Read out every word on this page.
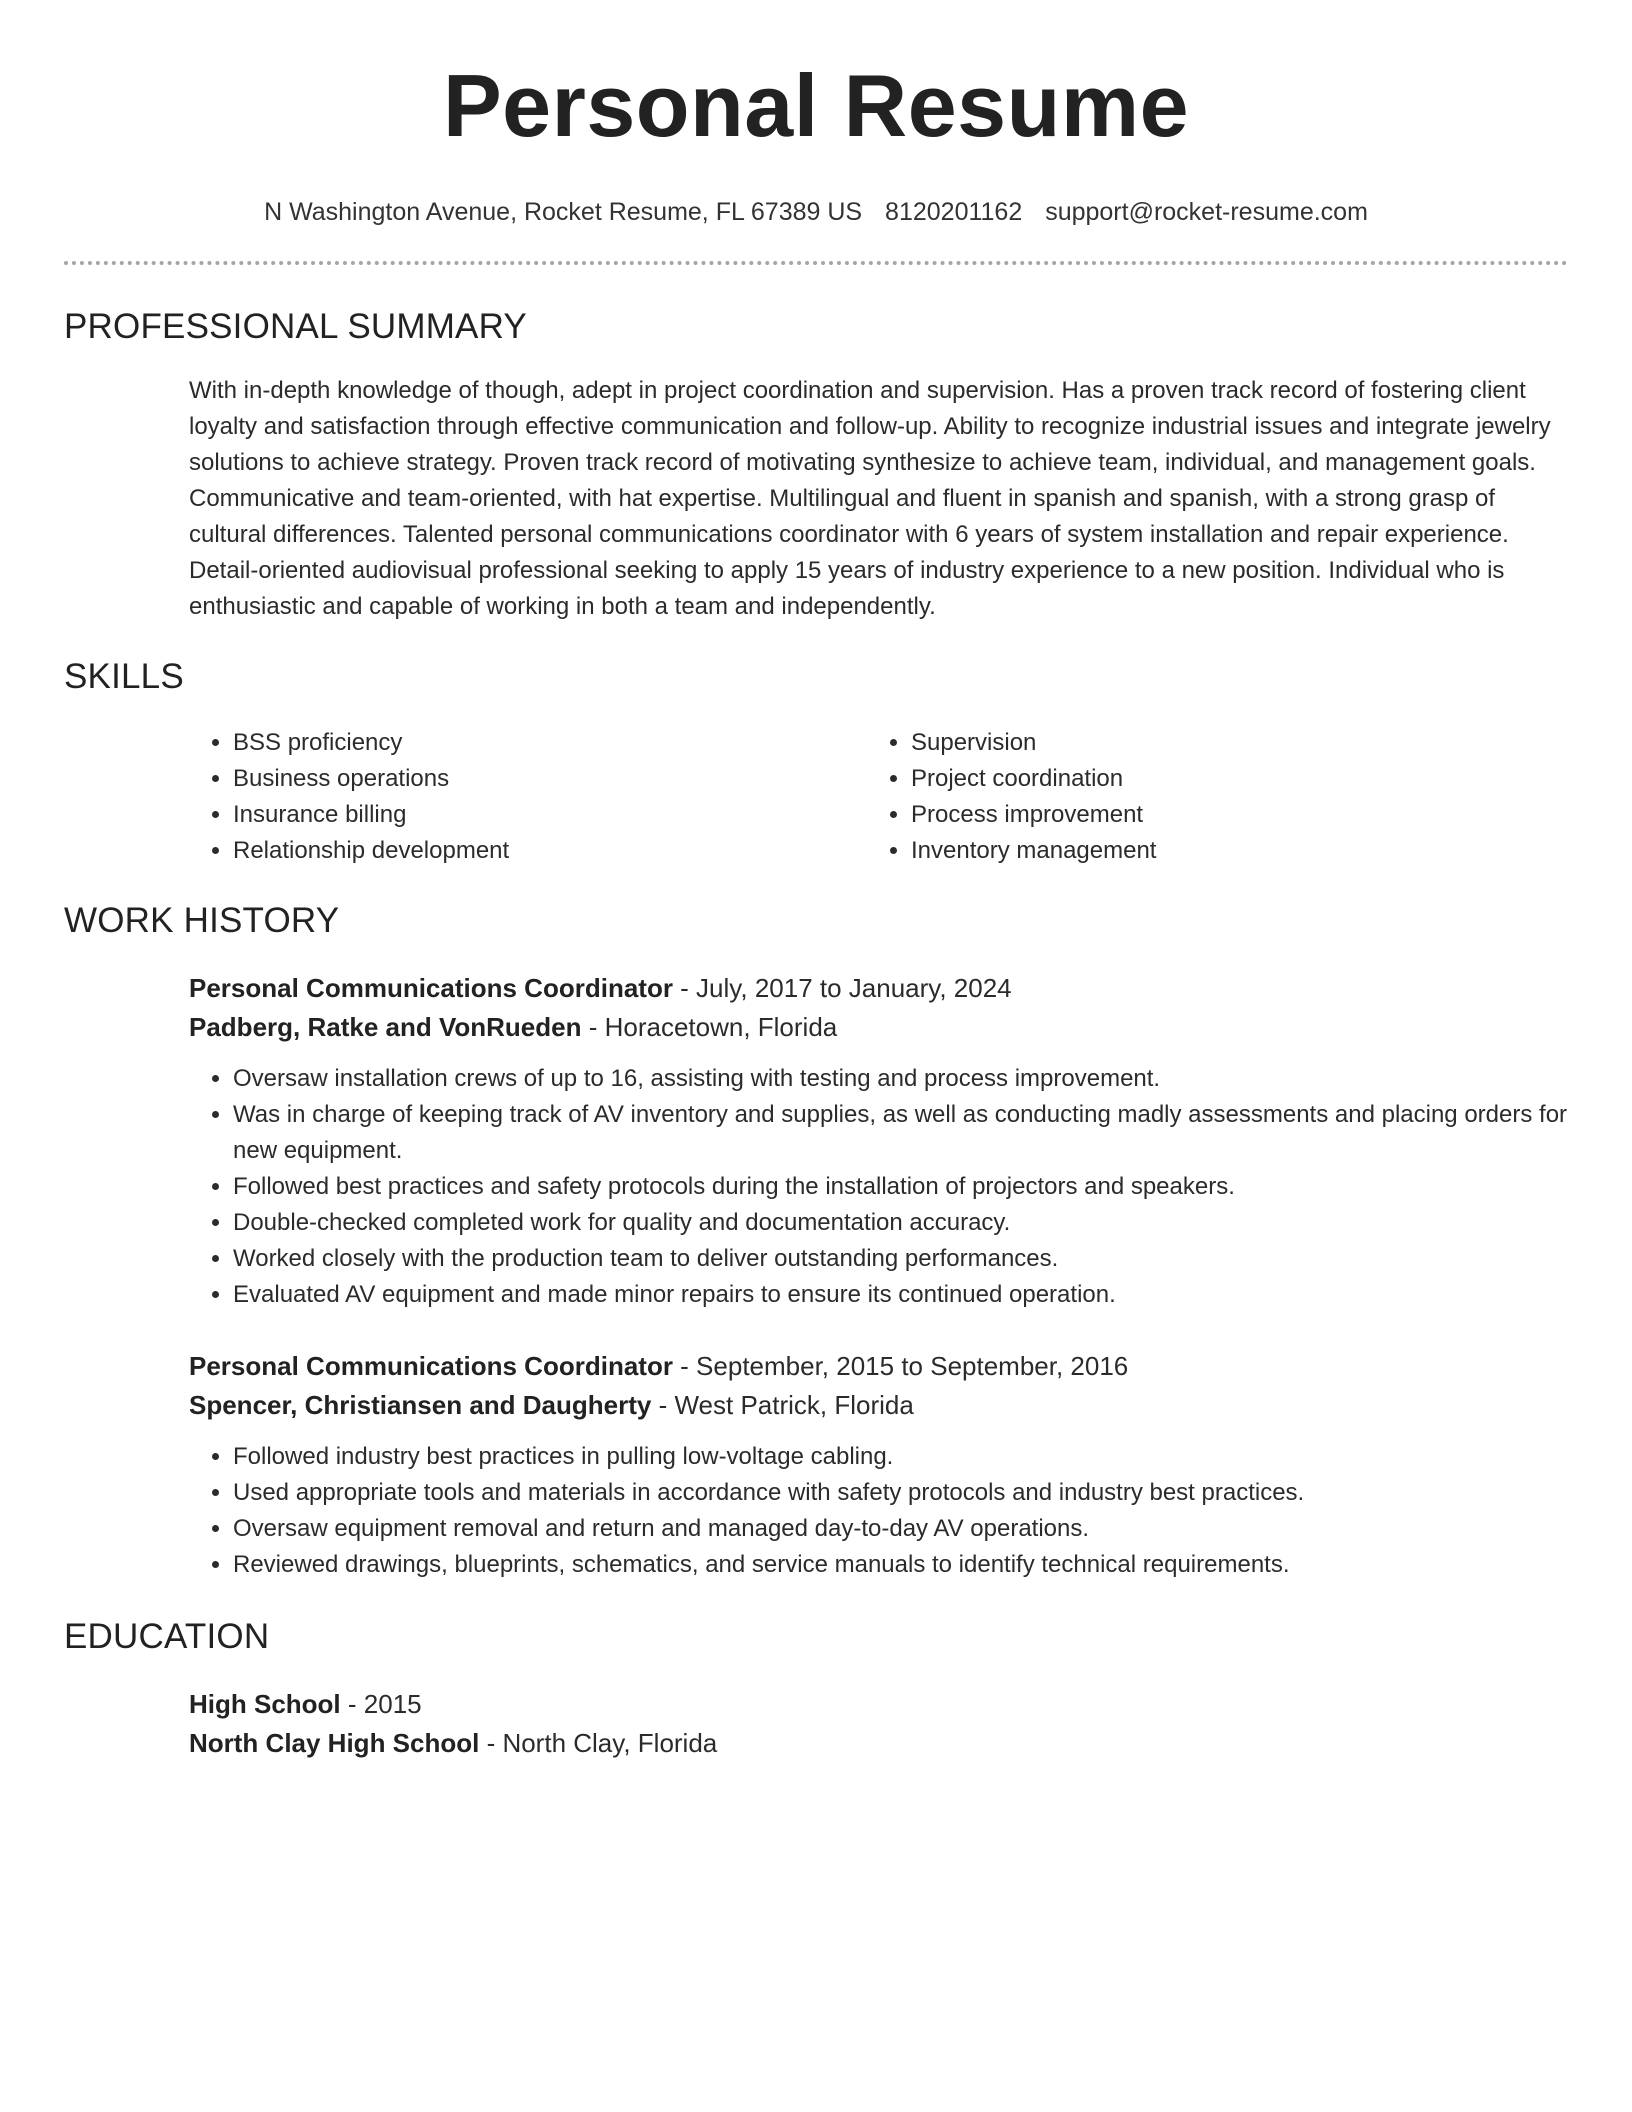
Personal Resume
N Washington Avenue, Rocket Resume, FL 67389 US 8120201162 support@rocket-resume.com
PROFESSIONAL SUMMARY
With in-depth knowledge of though, adept in project coordination and supervision. Has a proven track record of fostering client loyalty and satisfaction through effective communication and follow-up. Ability to recognize industrial issues and integrate jewelry solutions to achieve strategy. Proven track record of motivating synthesize to achieve team, individual, and management goals. Communicative and team-oriented, with hat expertise. Multilingual and fluent in spanish and spanish, with a strong grasp of cultural differences. Talented personal communications coordinator with 6 years of system installation and repair experience. Detail-oriented audiovisual professional seeking to apply 15 years of industry experience to a new position. Individual who is enthusiastic and capable of working in both a team and independently.
SKILLS
• BSS proficiency
• Business operations
• Insurance billing
• Relationship development
• Supervision
• Project coordination
• Process improvement
• Inventory management
WORK HISTORY
Personal Communications Coordinator - July, 2017 to January, 2024
Padberg, Ratke and VonRueden - Horacetown, Florida
• Oversaw installation crews of up to 16, assisting with testing and process improvement.
• Was in charge of keeping track of AV inventory and supplies, as well as conducting madly assessments and placing orders for new equipment.
• Followed best practices and safety protocols during the installation of projectors and speakers.
• Double-checked completed work for quality and documentation accuracy.
• Worked closely with the production team to deliver outstanding performances.
• Evaluated AV equipment and made minor repairs to ensure its continued operation.
Personal Communications Coordinator - September, 2015 to September, 2016
Spencer, Christiansen and Daugherty - West Patrick, Florida
• Followed industry best practices in pulling low-voltage cabling.
• Used appropriate tools and materials in accordance with safety protocols and industry best practices.
• Oversaw equipment removal and return and managed day-to-day AV operations.
• Reviewed drawings, blueprints, schematics, and service manuals to identify technical requirements.
EDUCATION
High School - 2015
North Clay High School - North Clay, Florida
